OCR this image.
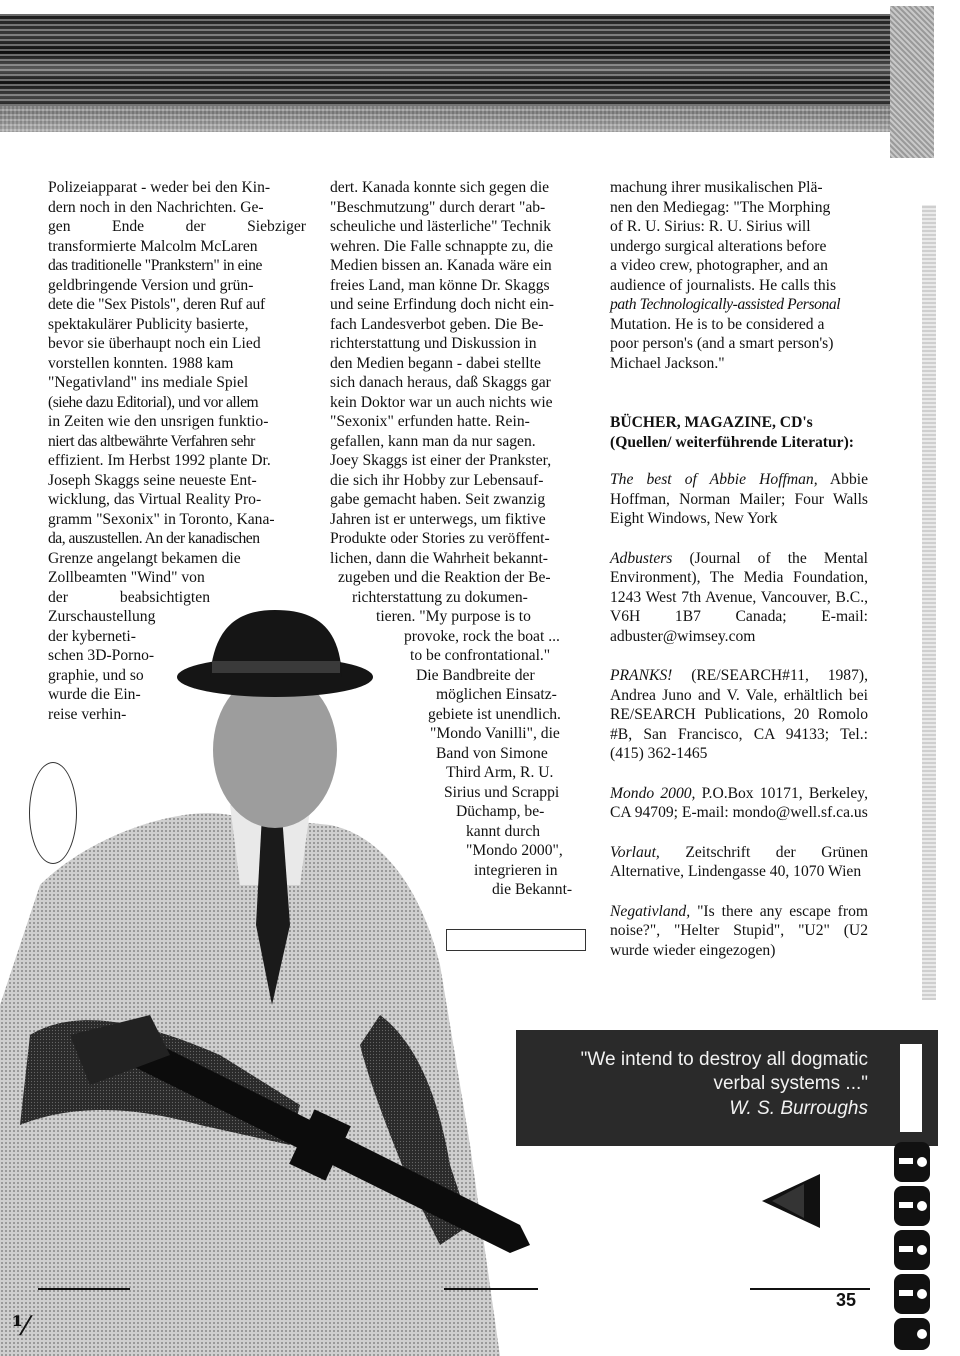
Polizeiapparat - weder bei den Kin-
dern noch in den Nachrichten. Ge-
gen Ende der Siebziger
transformierte Malcolm McLaren
das traditionelle "Prankstern" in eine
geldbringende Version und grün-
dete die "Sex Pistols", deren Ruf auf
spektakulärer Publicity basierte,
bevor sie überhaupt noch ein Lied
vorstellen konnten. 1988 kam
"Negativland" ins mediale Spiel
(siehe dazu Editorial), und vor allem
in Zeiten wie den unsrigen funktio-
niert das altbewährte Verfahren sehr
effizient. Im Herbst 1992 plante Dr.
Joseph Skaggs seine neueste Ent-
wicklung, das Virtual Reality Pro-
gramm "Sexonix" in Toronto, Kana-
da, auszustellen. An der kanadischen
Grenze angelangt bekamen die
Zollbeamten "Wind" von
der beabsichtigten
Zurschaustellung
der kyberneti-
schen 3D-Porno-
graphie, und so
wurde die Ein-
reise verhin-
dert. Kanada konnte sich gegen die
"Beschmutzung" durch derart "ab-
scheuliche und lästerliche" Technik
wehren. Die Falle schnappte zu, die
Medien bissen an. Kanada wäre ein
freies Land, man könne Dr. Skaggs
und seine Erfindung doch nicht ein-
fach Landesverbot geben. Die Be-
richterstattung und Diskussion in
den Medien begann - dabei stellte
sich danach heraus, daß Skaggs gar
kein Doktor war un auch nichts wie
"Sexonix" erfunden hatte. Rein-
gefallen, kann man da nur sagen.
Joey Skaggs ist einer der Prankster,
die sich ihr Hobby zur Lebensauf-
gabe gemacht haben. Seit zwanzig
Jahren ist er unterwegs, um fiktive
Produkte oder Stories zu veröffent-
lichen, dann die Wahrheit bekannt-
zugeben und die Reaktion der Be-
richterstattung zu dokumen-
tieren. "My purpose is to
provoke, rock the boat ...
to be confrontational."
Die Bandbreite der
möglichen Einsatz-
gebiete ist unendlich.
"Mondo Vanilli", die
Band von Simone
Third Arm, R. U.
Sirius und Scrappi
Düchamp, be-
kannt durch
"Mondo 2000",
integrieren in
die Bekannt-
machung ihrer musikalischen Plä-
nen den Mediegag: "The Morphing
of R. U. Sirius: R. U. Sirius will
undergo surgical alterations before
a video crew, photographer, and an
audience of journalists. He calls this
path Technologically-assisted Personal
Mutation. He is to be considered a
poor person's (and a smart person's)
Michael Jackson."
BÜCHER, MAGAZINE, CD's (Quellen/ weiterführende Literatur):

The best of Abbie Hoffman, Abbie Hoffman, Norman Mailer; Four Walls Eight Windows, New York

Adbusters (Journal of the Mental Environment), The Media Foundation, 1243 West 7th Avenue, Vancouver, B.C., V6H 1B7 Canada; E-mail: adbuster@wimsey.com

PRANKS! (RE/SEARCH#11, 1987), Andrea Juno and V. Vale, erhältlich bei RE/SEARCH Publications, 20 Romolo #B, San Francisco, CA 94133; Tel.: (415) 362-1465

Mondo 2000, P.O.Box 10171, Berkeley, CA 94709; E-mail: mondo@well.sf.ca.us

Vorlaut, Zeitschrift der Grünen Alternative, Lindengasse 40, 1070 Wien

Negativland, "Is there any escape from noise?", "Helter Stupid", "U2" (U2 wurde wieder eingezogen)

"We intend to destroy all dogmatic verbal systems ..."
W. S. Burroughs
35
⅟
